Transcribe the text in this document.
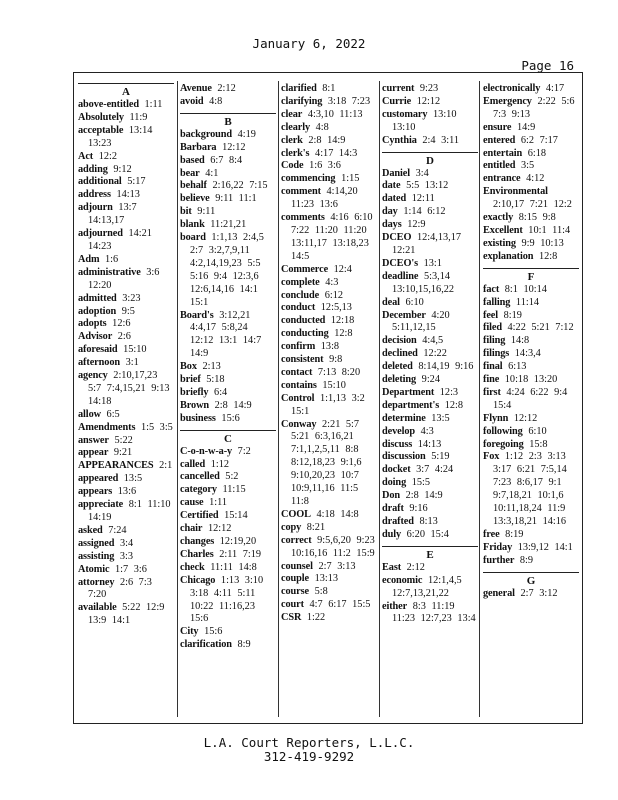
January 6, 2022
Page 16
A
above-entitled 1:11
Absolutely 11:9
acceptable 13:14 13:23
Act 12:2
adding 9:12
additional 5:17
address 14:13
adjourn 13:7 14:13,17
adjourned 14:21 14:23
Adm 1:6
administrative 3:6 12:20
admitted 3:23
adoption 9:5
adopts 12:6
Advisor 2:6
aforesaid 15:10
afternoon 3:1
agency 2:10,17,23 5:7 7:4,15,21 9:13 14:18
allow 6:5
Amendments 1:5 3:5
answer 5:22
appear 9:21
APPEARANCES 2:1
appeared 13:5
appears 13:6
appreciate 8:1 11:10 14:19
asked 7:24
assigned 3:4
assisting 3:3
Atomic 1:7 3:6
attorney 2:6 7:3 7:20
available 5:22 12:9 13:9 14:1
Avenue 2:12
avoid 4:8
B
background 4:19
Barbara 12:12
based 6:7 8:4
bear 4:1
behalf 2:16,22 7:15
believe 9:11 11:1
bit 9:11
blank 11:21,21
board 1:1,13 2:4,5 2:7 3:2,7,9,11 4:2,14,19,23 5:5 5:16 9:4 12:3,6 12:6,14,16 14:1 15:1
Board's 3:12,21 4:4,17 5:8,24 12:12 13:1 14:7 14:9
Box 2:13
brief 5:18
briefly 6:4
Brown 2:8 14:9
business 15:6
C
C-o-n-w-a-y 7:2
called 1:12
cancelled 5:2
category 11:15
cause 1:11
Certified 15:14
chair 12:12
changes 12:19,20
Charles 2:11 7:19
check 11:11 14:8
Chicago 1:13 3:10 3:18 4:11 5:11 10:22 11:16,23 15:6
City 15:6
clarification 8:9
clarified 8:1
clarifying 3:18 7:23
clear 4:3,10 11:13
clearly 4:8
clerk 2:8 14:9
clerk's 4:17 14:3
Code 1:6 3:6
commencing 1:15
comment 4:14,20 11:23 13:6
comments 4:16 6:10 7:22 11:20 11:20 13:11,17 13:18,23 14:5
Commerce 12:4
complete 4:3
conclude 6:12
conduct 12:5,13
conducted 12:18
conducting 12:8
confirm 13:8
consistent 9:8
contact 7:13 8:20
contains 15:10
Control 1:1,13 3:2 15:1
Conway 2:21 5:7 5:21 6:3,16,21 7:1,1,2,5,11 8:8 8:12,18,23 9:1,6 9:10,20,23 10:7 10:9,11,16 11:5 11:8
COOL 4:18 14:8
copy 8:21
correct 9:5,6,20 9:23 10:16,16 11:2 15:9
counsel 2:7 3:13
couple 13:13
course 5:8
court 4:7 6:17 15:5
CSR 1:22
current 9:23
Currie 12:12
customary 13:10 13:10
Cynthia 2:4 3:11
D
Daniel 3:4
date 5:5 13:12
dated 12:11
day 1:14 6:12
days 12:9
DCEO 12:4,13,17 12:21
DCEO's 13:1
deadline 5:3,14 13:10,15,16,22
deal 6:10
December 4:20 5:11,12,15
decision 4:4,5
declined 12:22
deleted 8:14,19 9:16
deleting 9:24
Department 12:3
department's 12:8
determine 13:5
develop 4:3
discuss 14:13
discussion 5:19
docket 3:7 4:24
doing 15:5
Don 2:8 14:9
draft 9:16
drafted 8:13
duly 6:20 15:4
E
East 2:12
economic 12:1,4,5 12:7,13,21,22
either 8:3 11:19 11:23 12:7,23 13:4
electronically 4:17
Emergency 2:22 5:6 7:3 9:13
ensure 14:9
entered 6:2 7:17
entertain 6:18
entitled 3:5
entrance 4:12
Environmental 2:10,17 7:21 12:2
exactly 8:15 9:8
Excellent 10:1 11:4
existing 9:9 10:13
explanation 12:8
F
fact 8:1 10:14
falling 11:14
feel 8:19
filed 4:22 5:21 7:12
filing 14:8
filings 14:3,4
final 6:13
fine 10:18 13:20
first 4:24 6:22 9:4 15:4
Flynn 12:12
following 6:10
foregoing 15:8
Fox 1:12 2:3 3:13 3:17 6:21 7:5,14 7:23 8:6,17 9:1 9:7,18,21 10:1,6 10:11,18,24 11:9 13:3,18,21 14:16
free 8:19
Friday 13:9,12 14:1
further 8:9
G
general 2:7 3:12
L.A. Court Reporters, L.L.C.
312-419-9292
